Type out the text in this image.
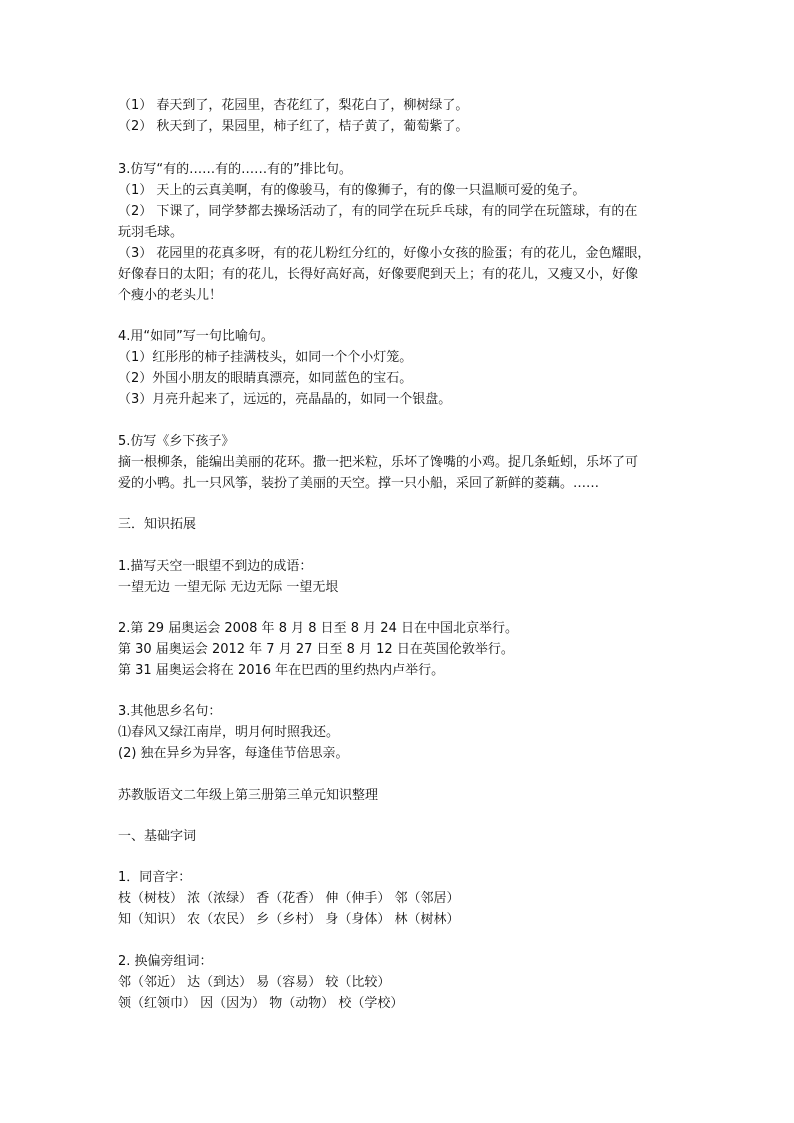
（1） 春天到了，花园里，杏花红了，梨花白了，柳树绿了。
（2） 秋天到了，果园里，柿子红了，桔子黄了，葡萄紫了。
3.仿写“有的……有的……有的”排比句。
（1） 天上的云真美啊，有的像骏马，有的像狮子，有的像一只温顺可爱的兔子。
（2） 下课了，同学梦都去操场活动了，有的同学在玩乒乓球，有的同学在玩篮球，有的在
玩羽毛球。
（3） 花园里的花真多呀，有的花儿粉红分红的，好像小女孩的脸蛋；有的花儿，金色耀眼，
好像春日的太阳；有的花儿，长得好高好高，好像要爬到天上；有的花儿，又瘦又小，好像
个瘦小的老头儿！
4.用“如同”写一句比喻句。
（1）红彤彤的柿子挂满枝头，如同一个个小灯笼。
（2）外国小朋友的眼睛真漂亮，如同蓝色的宝石。
（3）月亮升起来了，远远的，亮晶晶的，如同一个银盘。
5.仿写《乡下孩子》
摘一根柳条，能编出美丽的花环。撒一把米粒，乐坏了馋嘴的小鸡。捉几条蚯蚓，乐坏了可
爱的小鸭。扎一只风筝，装扮了美丽的天空。撑一只小船，采回了新鲜的菱藕。……
三．知识拓展
1.描写天空一眼望不到边的成语：
一望无边 一望无际 无边无际 一望无垠
2.第 29 届奥运会 2008 年 8 月 8 日至 8 月 24 日在中国北京举行。
第 30 届奥运会 2012 年 7 月 27 日至 8 月 12 日在英国伦敦举行。
第 31 届奥运会将在 2016 年在巴西的里约热内卢举行。
3.其他思乡名句：
⑴春风又绿江南岸，明月何时照我还。
(2) 独在异乡为异客，每逢佳节倍思亲。
苏教版语文二年级上第三册第三单元知识整理
一、基础字词
1．同音字：
枝（树枝） 浓（浓绿） 香（花香） 伸（伸手） 邻（邻居）
知（知识） 农（农民） 乡（乡村） 身（身体） 林（树林）
2. 换偏旁组词：
邻（邻近） 达（到达） 易（容易） 较（比较）
领（红领巾） 因（因为） 物（动物） 校（学校）
